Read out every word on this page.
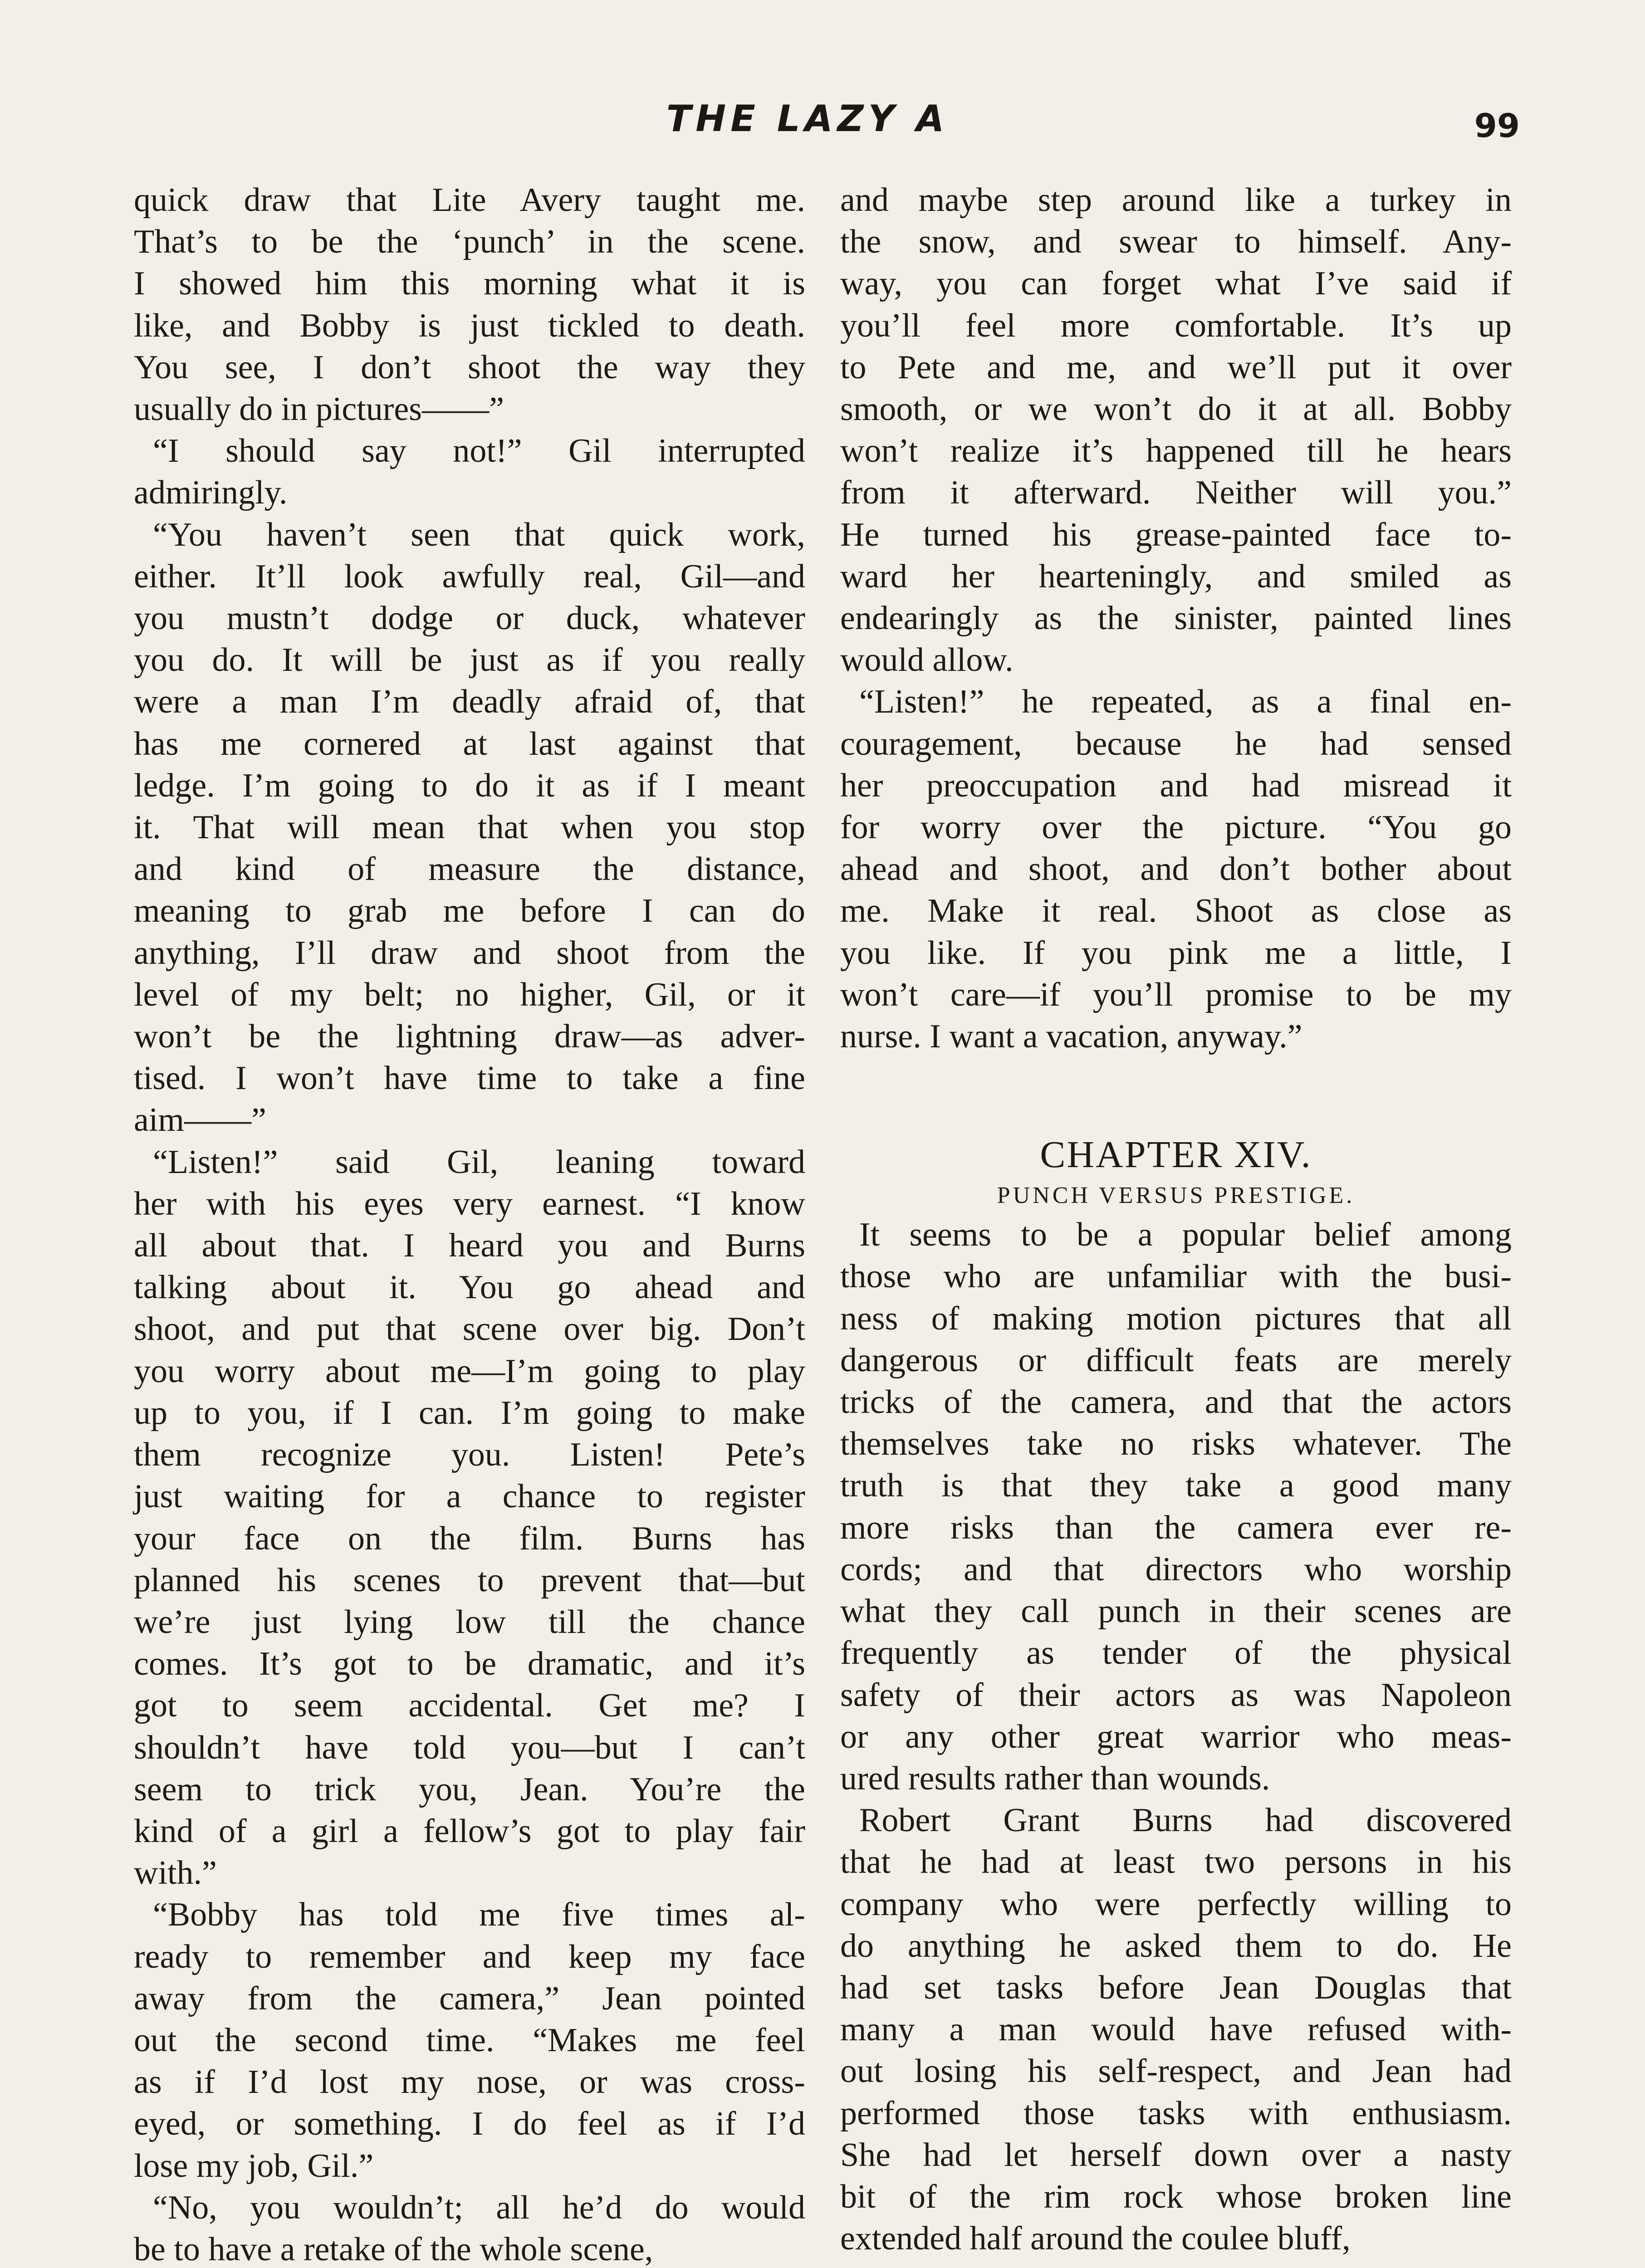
THE LAZY A	99

quick draw that Lite Avery taught me.
That’s to be the ‘punch’ in the scene.
I showed him this morning what it is
like, and Bobby is just tickled to death.
You see, I don’t shoot the way they
usually do in pictures——”

“I should say not!” Gil interrupted
admiringly.

“You haven’t seen that quick work,
either. It’ll look awfully real, Gil—and
you mustn’t dodge or duck, whatever
you do. It will be just as if you really
were a man I’m deadly afraid of, that
has me cornered at last against that
ledge. I’m going to do it as if I meant
it. That will mean that when you stop
and kind of measure the distance,
meaning to grab me before I can do
anything, I’ll draw and shoot from the
level of my belt; no higher, Gil, or it
won’t be the lightning draw—as adver-
tised. I won’t have time to take a fine
aim——”

“Listen!” said Gil, leaning toward
her with his eyes very earnest. “I know
all about that. I heard you and Burns
talking about it. You go ahead and
shoot, and put that scene over big. Don’t
you worry about me—I’m going to play
up to you, if I can. I’m going to make
them recognize you. Listen! Pete’s
just waiting for a chance to register
your face on the film. Burns has
planned his scenes to prevent that—but
we’re just lying low till the chance
comes. It’s got to be dramatic, and it’s
got to seem accidental. Get me? I
shouldn’t have told you—but I can’t
seem to trick you, Jean. You’re the
kind of a girl a fellow’s got to play fair
with.”

“Bobby has told me five times al-
ready to remember and keep my face
away from the camera,” Jean pointed
out the second time. “Makes me feel
as if I’d lost my nose, or was cross-
eyed, or something. I do feel as if I’d
lose my job, Gil.”

“No, you wouldn’t; all he’d do would
be to have a retake of the whole scene,

and maybe step around like a turkey in
the snow, and swear to himself. Any-
way, you can forget what I’ve said if
you’ll feel more comfortable. It’s up
to Pete and me, and we’ll put it over
smooth, or we won’t do it at all. Bobby
won’t realize it’s happened till he hears
from it afterward. Neither will you.”
He turned his grease-painted face to-
ward her hearteningly, and smiled as
endearingly as the sinister, painted lines
would allow.

“Listen!” he repeated, as a final en-
couragement, because he had sensed
her preoccupation and had misread it
for worry over the picture. “You go
ahead and shoot, and don’t bother about
me. Make it real. Shoot as close as
you like. If you pink me a little, I
won’t care—if you’ll promise to be my
nurse. I want a vacation, anyway.”

CHAPTER XIV.

PUNCH VERSUS PRESTIGE.

It seems to be a popular belief among
those who are unfamiliar with the busi-
ness of making motion pictures that all
dangerous or difficult feats are merely
tricks of the camera, and that the actors
themselves take no risks whatever. The
truth is that they take a good many
more risks than the camera ever re-
cords; and that directors who worship
what they call punch in their scenes are
frequently as tender of the physical
safety of their actors as was Napoleon
or any other great warrior who meas-
ured results rather than wounds.

Robert Grant Burns had discovered
that he had at least two persons in his
company who were perfectly willing to
do anything he asked them to do. He
had set tasks before Jean Douglas that
many a man would have refused with-
out losing his self-respect, and Jean had
performed those tasks with enthusiasm.
She had let herself down over a nasty
bit of the rim rock whose broken line
extended half around the coulee bluff,
